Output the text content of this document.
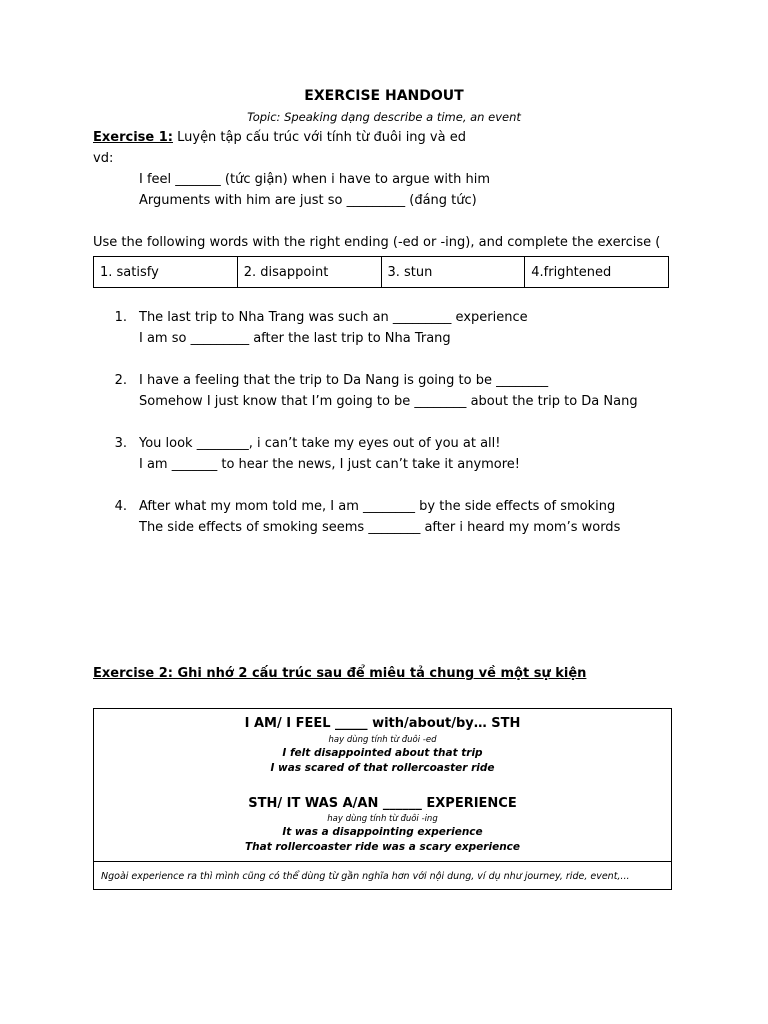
EXERCISE HANDOUT
Topic: Speaking dạng describe a time, an event
Exercise 1: Luyện tập cấu trúc với tính từ đuôi ing và ed
vd:
I feel _______ (tức giận) when i have to argue with him
Arguments with him are just so _________ (đáng tức)
Use the following words with the right ending (-ed or -ing), and complete the exercise (
1. satisfy	2. disappoint	3. stun	4.frightened
1. The last trip to Nha Trang was such an _________ experience
I am so _________ after the last trip to Nha Trang
2. I have a feeling that the trip to Da Nang is going to be ________
Somehow I just know that I’m going to be ________ about the trip to Da Nang
3. You look ________, i can’t take my eyes out of you at all!
I am _______ to hear the news, I just can’t take it anymore!
4. After what my mom told me, I am ________ by the side effects of smoking
The side effects of smoking seems ________ after i heard my mom’s words
Exercise 2: Ghi nhớ 2 cấu trúc sau để miêu tả chung về một sự kiện
I AM/ I FEEL _____ with/about/by… STH
hay dùng tính từ đuôi -ed
I felt disappointed about that trip
I was scared of that rollercoaster ride
STH/ IT WAS A/AN ______ EXPERIENCE
hay dùng tính từ đuôi -ing
It was a disappointing experience
That rollercoaster ride was a scary experience
Ngoài experience ra thì mình cũng có thể dùng từ gần nghĩa hơn với nội dung, ví dụ như journey, ride, event,...
